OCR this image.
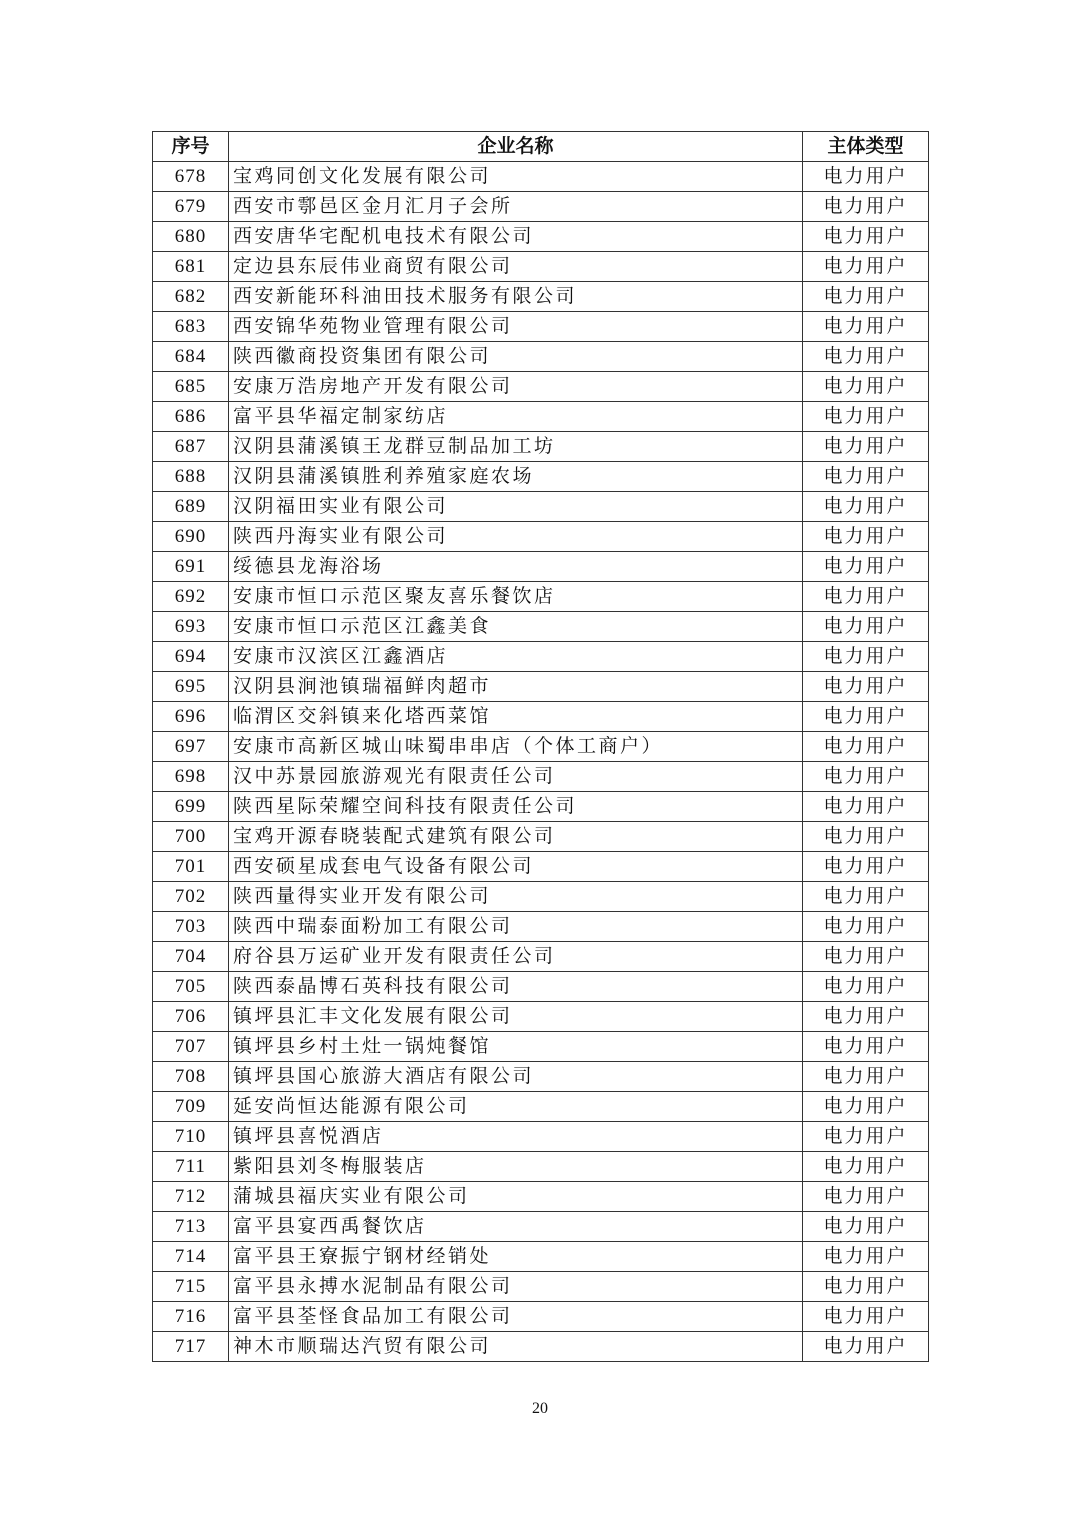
序号	企业名称	主体类型
678	宝鸡同创文化发展有限公司	电力用户
679	西安市鄠邑区金月汇月子会所	电力用户
680	西安唐华宅配机电技术有限公司	电力用户
681	定边县东辰伟业商贸有限公司	电力用户
682	西安新能环科油田技术服务有限公司	电力用户
683	西安锦华苑物业管理有限公司	电力用户
684	陕西徽商投资集团有限公司	电力用户
685	安康万浩房地产开发有限公司	电力用户
686	富平县华福定制家纺店	电力用户
687	汉阴县蒲溪镇王龙群豆制品加工坊	电力用户
688	汉阴县蒲溪镇胜利养殖家庭农场	电力用户
689	汉阴福田实业有限公司	电力用户
690	陕西丹海实业有限公司	电力用户
691	绥德县龙海浴场	电力用户
692	安康市恒口示范区聚友喜乐餐饮店	电力用户
693	安康市恒口示范区江鑫美食	电力用户
694	安康市汉滨区江鑫酒店	电力用户
695	汉阴县涧池镇瑞福鲜肉超市	电力用户
696	临渭区交斜镇来化塔西菜馆	电力用户
697	安康市高新区城山味蜀串串店（个体工商户）	电力用户
698	汉中苏景园旅游观光有限责任公司	电力用户
699	陕西星际荣耀空间科技有限责任公司	电力用户
700	宝鸡开源春晓装配式建筑有限公司	电力用户
701	西安硕星成套电气设备有限公司	电力用户
702	陕西量得实业开发有限公司	电力用户
703	陕西中瑞泰面粉加工有限公司	电力用户
704	府谷县万运矿业开发有限责任公司	电力用户
705	陕西泰晶博石英科技有限公司	电力用户
706	镇坪县汇丰文化发展有限公司	电力用户
707	镇坪县乡村土灶一锅炖餐馆	电力用户
708	镇坪县国心旅游大酒店有限公司	电力用户
709	延安尚恒达能源有限公司	电力用户
710	镇坪县喜悦酒店	电力用户
711	紫阳县刘冬梅服装店	电力用户
712	蒲城县福庆实业有限公司	电力用户
713	富平县宴西禹餐饮店	电力用户
714	富平县王寮振宁钢材经销处	电力用户
715	富平县永搏水泥制品有限公司	电力用户
716	富平县荃怪食品加工有限公司	电力用户
717	神木市顺瑞达汽贸有限公司	电力用户
20
